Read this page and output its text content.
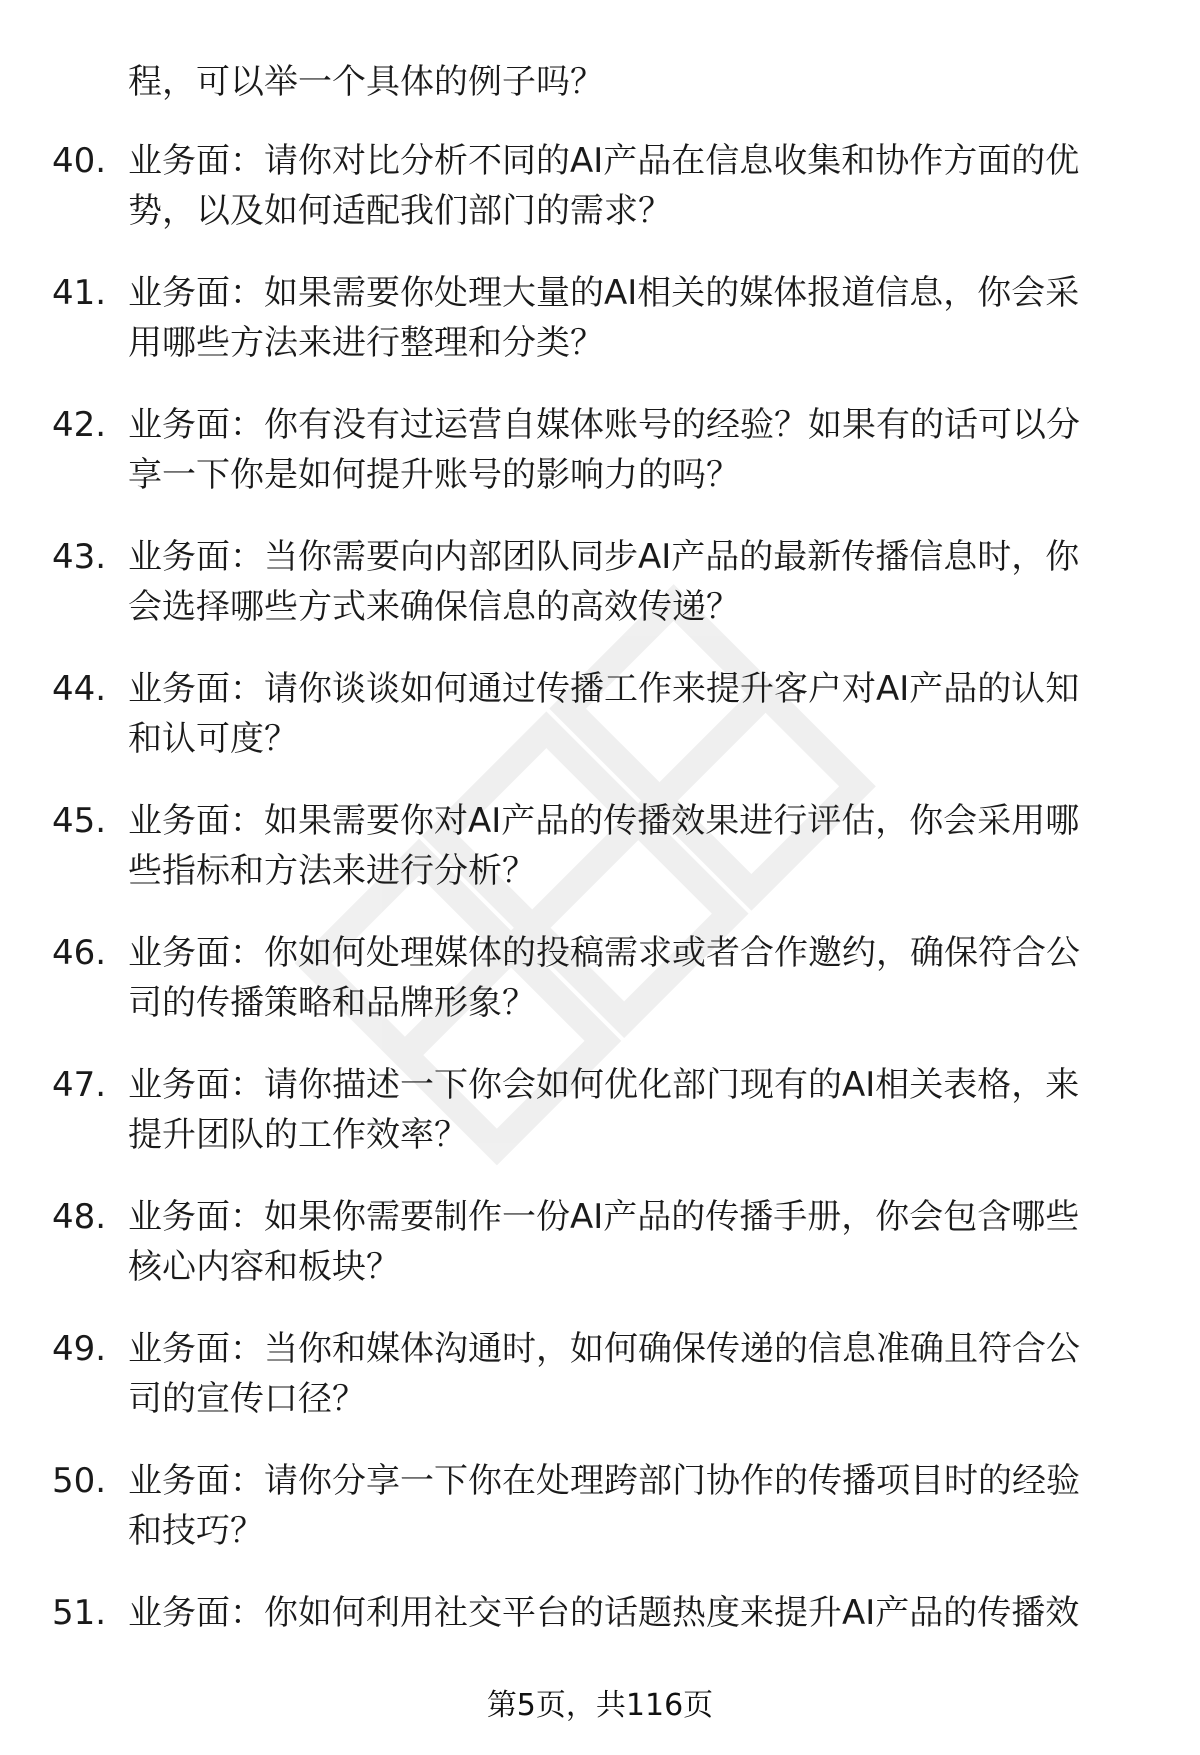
程，可以举一个具体的例子吗？
40. 业务面：请你对比分析不同的AI产品在信息收集和协作方面的优
势，以及如何适配我们部门的需求？
41. 业务面：如果需要你处理大量的AI相关的媒体报道信息，你会采
用哪些方法来进行整理和分类？
42. 业务面：你有没有过运营自媒体账号的经验？如果有的话可以分
享一下你是如何提升账号的影响力的吗？
43. 业务面：当你需要向内部团队同步AI产品的最新传播信息时，你
会选择哪些方式来确保信息的高效传递？
44. 业务面：请你谈谈如何通过传播工作来提升客户对AI产品的认知
和认可度？
45. 业务面：如果需要你对AI产品的传播效果进行评估，你会采用哪
些指标和方法来进行分析？
46. 业务面：你如何处理媒体的投稿需求或者合作邀约，确保符合公
司的传播策略和品牌形象？
47. 业务面：请你描述一下你会如何优化部门现有的AI相关表格，来
提升团队的工作效率？
48. 业务面：如果你需要制作一份AI产品的传播手册，你会包含哪些
核心内容和板块？
49. 业务面：当你和媒体沟通时，如何确保传递的信息准确且符合公
司的宣传口径？
50. 业务面：请你分享一下你在处理跨部门协作的传播项目时的经验
和技巧？
51. 业务面：你如何利用社交平台的话题热度来提升AI产品的传播效
第5页，共116页
